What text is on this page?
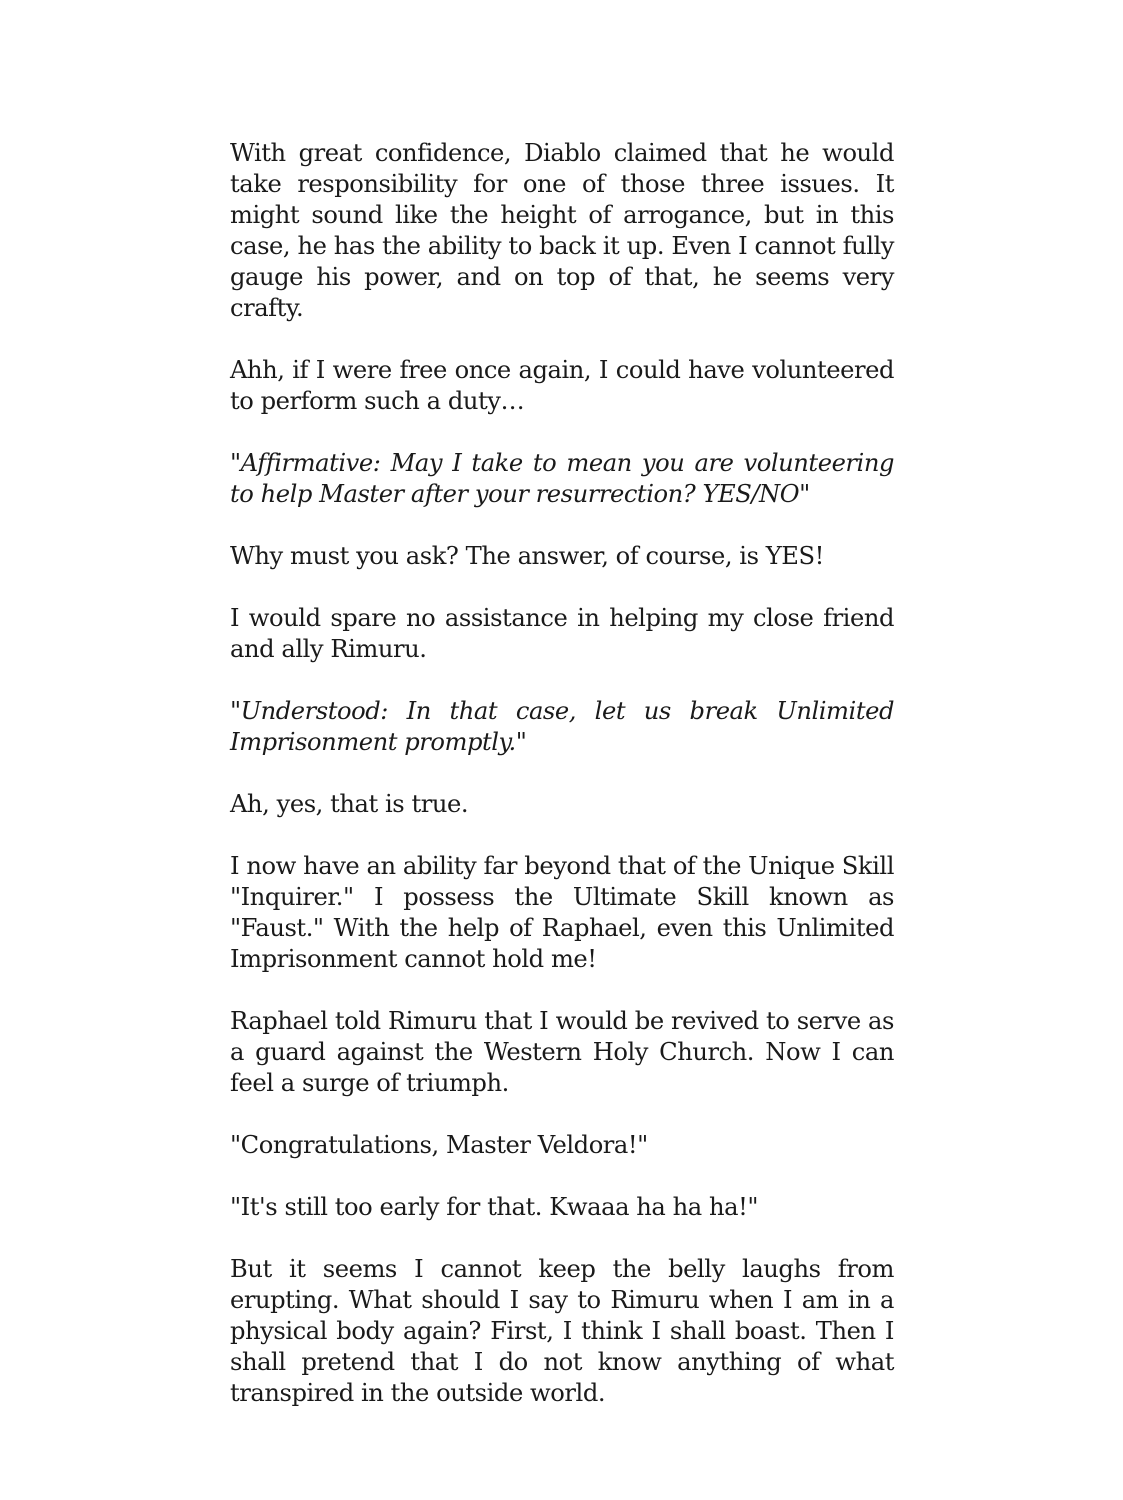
With great confidence, Diablo claimed that he would take responsibility for one of those three issues. It might sound like the height of arrogance, but in this case, he has the ability to back it up. Even I cannot fully gauge his power, and on top of that, he seems very crafty.

Ahh, if I were free once again, I could have volunteered to perform such a duty…

"Affirmative: May I take to mean you are volunteering to help Master after your resurrection? YES/NO"

Why must you ask? The answer, of course, is YES!

I would spare no assistance in helping my close friend and ally Rimuru.

"Understood: In that case, let us break Unlimited Imprisonment promptly."

Ah, yes, that is true.

I now have an ability far beyond that of the Unique Skill "Inquirer." I possess the Ultimate Skill known as "Faust." With the help of Raphael, even this Unlimited Imprisonment cannot hold me!

Raphael told Rimuru that I would be revived to serve as a guard against the Western Holy Church. Now I can feel a surge of triumph.

"Congratulations, Master Veldora!"

"It's still too early for that. Kwaaa ha ha ha!"

But it seems I cannot keep the belly laughs from erupting. What should I say to Rimuru when I am in a physical body again? First, I think I shall boast. Then I shall pretend that I do not know anything of what transpired in the outside world.
